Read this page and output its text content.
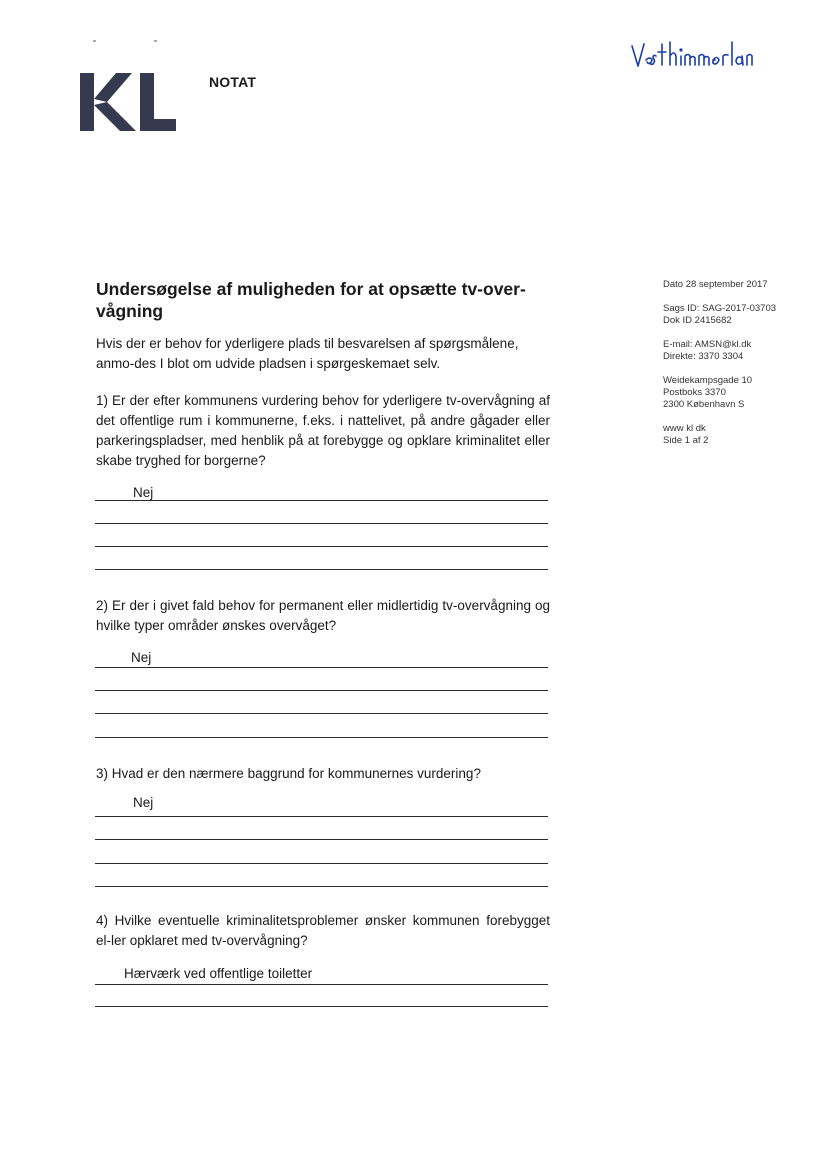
NOTAT
Dato 28 september 2017
Sags ID: SAG-2017-03703
Dok ID 2415682
E-mail: AMSN@kl.dk
Direkte: 3370 3304
Weidekampsgade 10
Postboks 3370
2300 København S
www kl dk
Side 1 af 2
Undersøgelse af muligheden for at opsætte tv-over-vågning
Hvis der er behov for yderligere plads til besvarelsen af spørgsmålene, anmo-des I blot om udvide pladsen i spørgeskemaet selv.
1) Er der efter kommunens vurdering behov for yderligere tv-overvågning af det offentlige rum i kommunerne, f.eks. i nattelivet, på andre gågader eller parkeringspladser, med henblik på at forebygge og opklare kriminalitet eller skabe tryghed for borgerne?
Nej
2) Er der i givet fald behov for permanent eller midlertidig tv-overvågning og hvilke typer områder ønskes overvåget?
Nej
3) Hvad er den nærmere baggrund for kommunernes vurdering?
Nej
4) Hvilke eventuelle kriminalitetsproblemer ønsker kommunen forebygget el-ler opklaret med tv-overvågning?
Hærværk ved offentlige toiletter
